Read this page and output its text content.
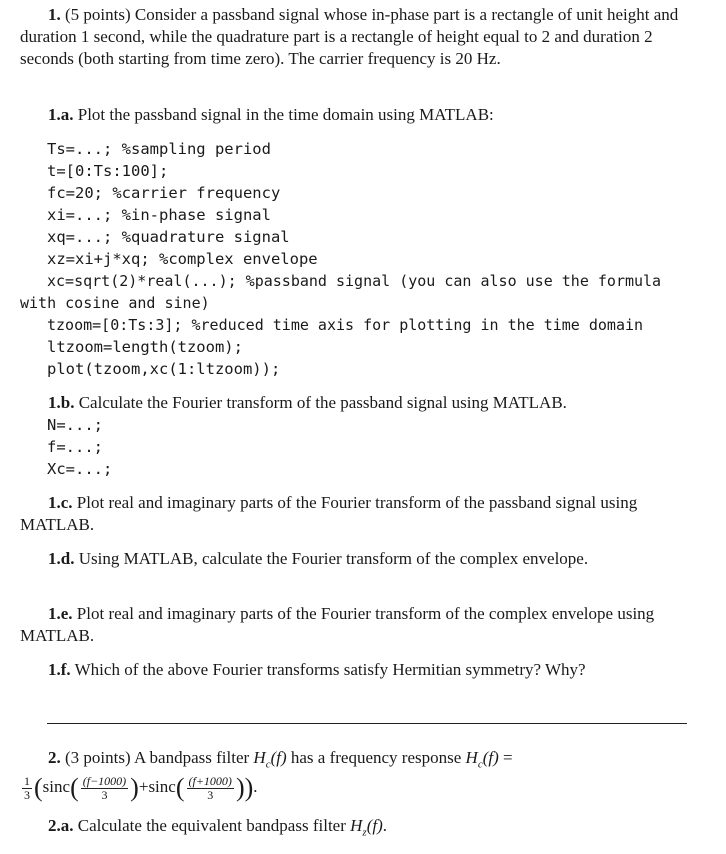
1. (5 points) Consider a passband signal whose in-phase part is a rectangle of unit height and duration 1 second, while the quadrature part is a rectangle of height equal to 2 and duration 2 seconds (both starting from time zero). The carrier frequency is 20 Hz.
1.a. Plot the passband signal in the time domain using MATLAB:
Ts=...; %sampling period
t=[0:Ts:100];
fc=20; %carrier frequency
xi=...; %in-phase signal
xq=...; %quadrature signal
xz=xi+j*xq; %complex envelope
xc=sqrt(2)*real(...); %passband signal (you can also use the formula
with cosine and sine)
tzoom=[0:Ts:3]; %reduced time axis for plotting in the time domain
ltzoom=length(tzoom);
plot(tzoom,xc(1:ltzoom));
1.b. Calculate the Fourier transform of the passband signal using MATLAB.
N=...;
f=...;
Xc=...;
1.c. Plot real and imaginary parts of the Fourier transform of the passband signal using MATLAB.
1.d. Using MATLAB, calculate the Fourier transform of the complex envelope.
1.e. Plot real and imaginary parts of the Fourier transform of the complex envelope using MATLAB.
1.f. Which of the above Fourier transforms satisfy Hermitian symmetry? Why?
2. (3 points) A bandpass filter $H_c(f)$ has a frequency response $H_c(f)$ =
$\frac{1}{3} (\sin c( \frac{(f-1000)}{3} )+\sin c( \frac{(f+1000)}{3}$ )).
2.a. Calculate the equivalent bandpass filter $H_z(f)$.
